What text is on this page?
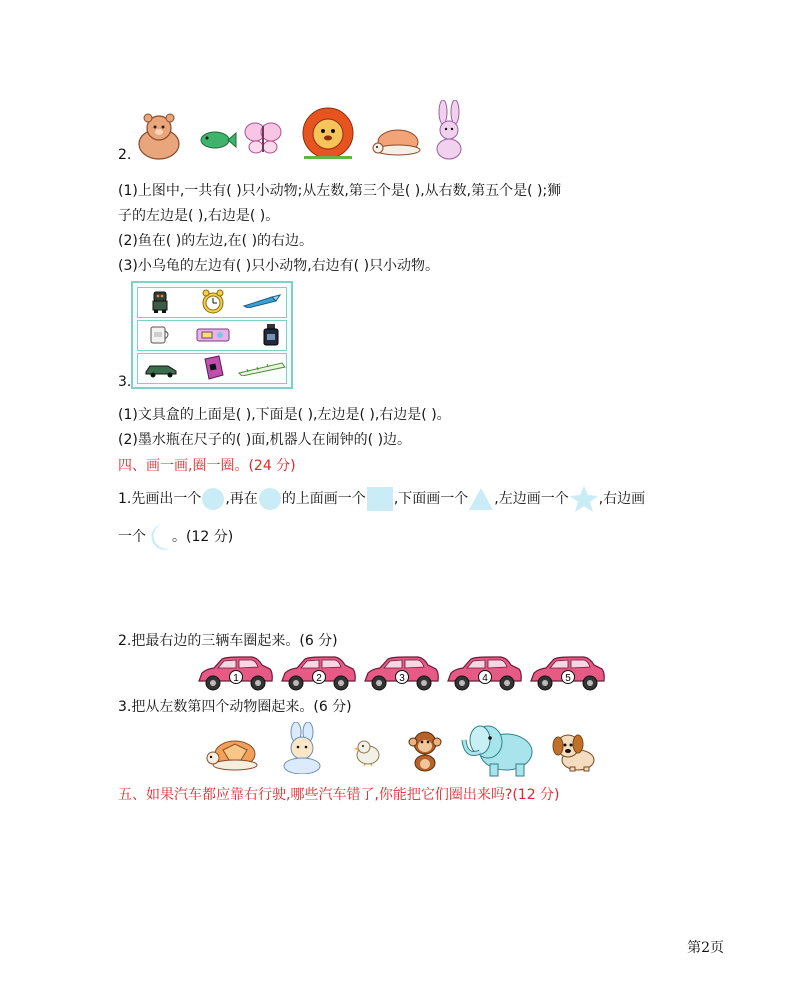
2.
(1)上图中,一共有( )只小动物;从左数,第三个是( ),从右数,第五个是( );狮
子的左边是( ),右边是( )。
(2)鱼在( )的左边,在( )的右边。
(3)小乌龟的左边有( )只小动物,右边有( )只小动物。
3.
(1)文具盒的上面是( ),下面是( ),左边是( ),右边是( )。
(2)墨水瓶在尺子的( )面,机器人在闹钟的( )边。
四、画一画,圈一圈。(24 分)
1.先画出一个 ,再在 的上面画一个 ,下面画一个 ,左边画一个 ,右边画
一个 。(12 分)
2.把最右边的三辆车圈起来。(6 分)
1	2	3	4	5
3.把从左数第四个动物圈起来。(6 分)
五、如果汽车都应靠右行驶,哪些汽车错了,你能把它们圈出来吗?(12 分)
第2页
